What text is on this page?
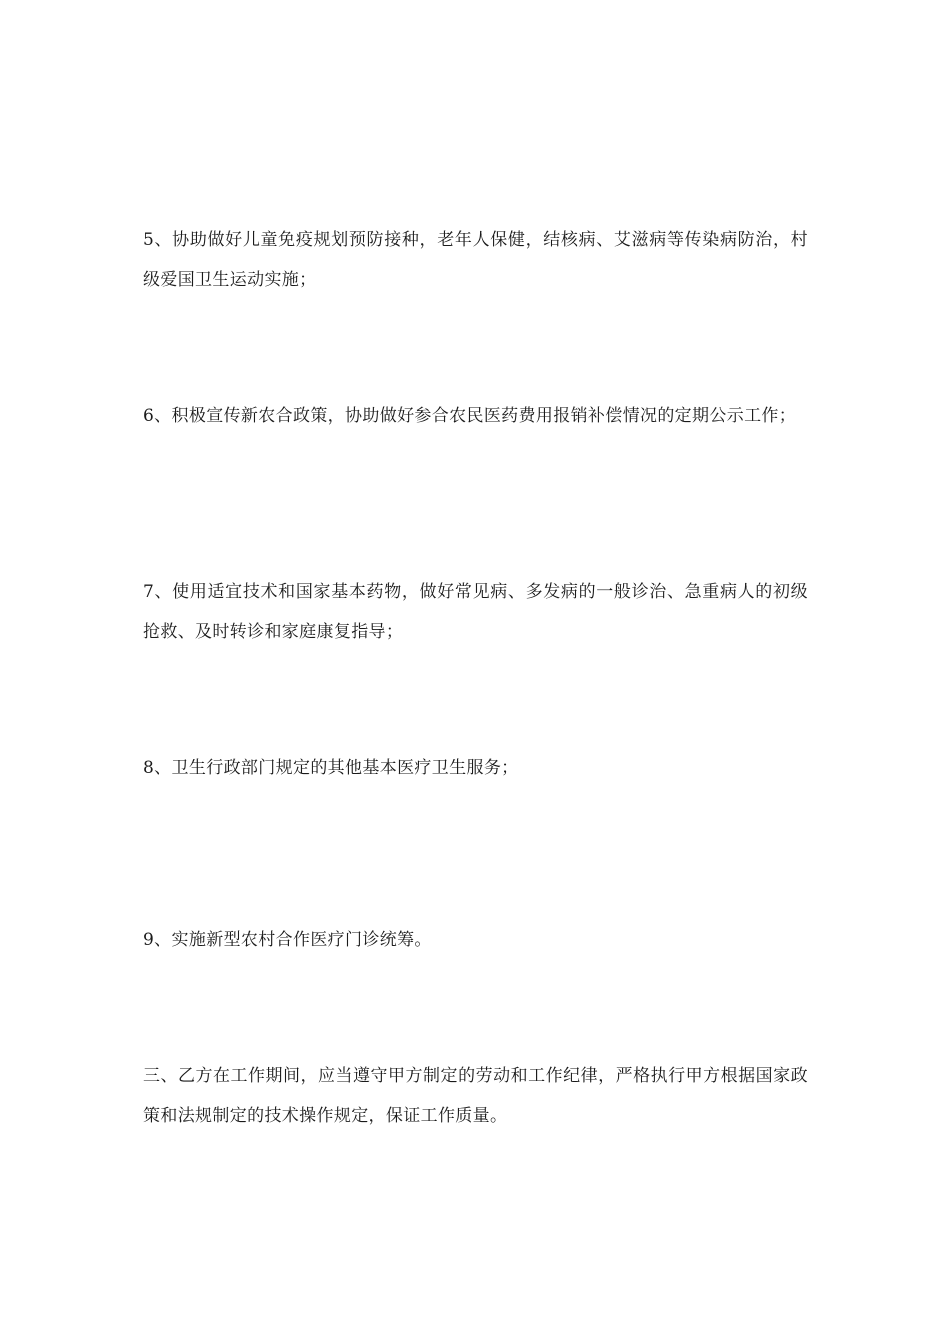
5、协助做好儿童免疫规划预防接种，老年人保健，结核病、艾滋病等传染病防治，村级爱国卫生运动实施；

6、积极宣传新农合政策，协助做好参合农民医药费用报销补偿情况的定期公示工作；

7、使用适宜技术和国家基本药物，做好常见病、多发病的一般诊治、急重病人的初级抢救、及时转诊和家庭康复指导；

8、卫生行政部门规定的其他基本医疗卫生服务；

9、实施新型农村合作医疗门诊统筹。

三、乙方在工作期间，应当遵守甲方制定的劳动和工作纪律，严格执行甲方根据国家政策和法规制定的技术操作规定，保证工作质量。
